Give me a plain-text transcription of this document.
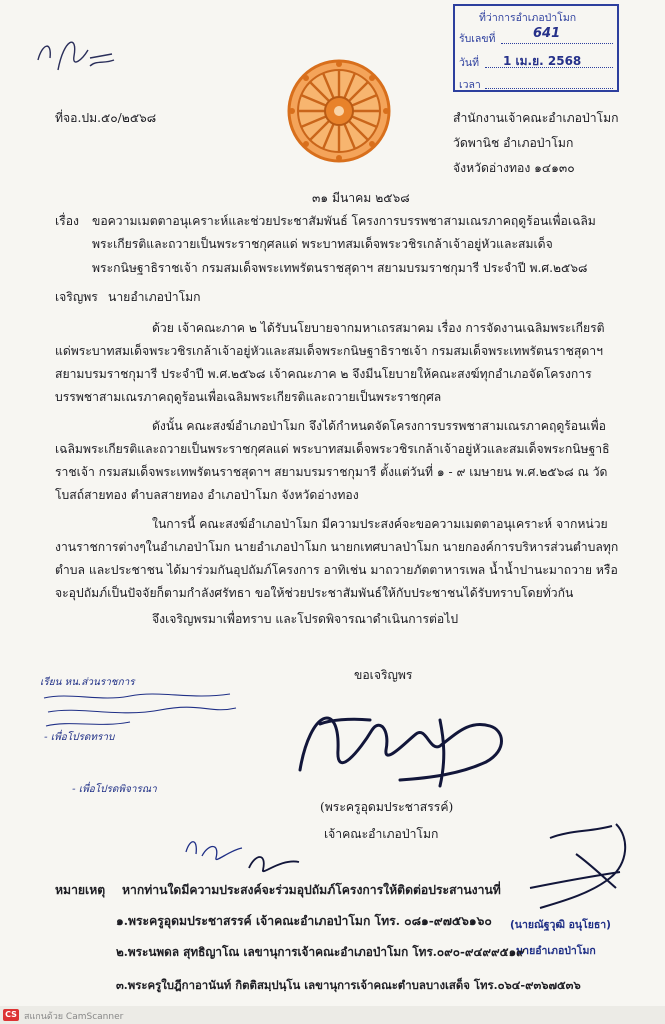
ที่ว่าการอำเภอป่าโมก
รับเลขที่	641
วันที่ 1 เม.ย. 2568
เวลา
ที่จอ.ปม.๕๐/๒๕๖๘	สำนักงานเจ้าคณะอำเภอป่าโมก
วัดพานิช อำเภอป่าโมก
จังหวัดอ่างทอง ๑๔๑๓๐
๓๑ มีนาคม ๒๕๖๘
เรื่อง ขอความเมตตาอนุเคราะห์และช่วยประชาสัมพันธ์ โครงการบรรพชาสามเณรภาคฤดูร้อนเพื่อเฉลิม
พระเกียรติและถวายเป็นพระราชกุศลแด่ พระบาทสมเด็จพระวชิรเกล้าเจ้าอยู่หัวและสมเด็จ
พระกนิษฐาธิราชเจ้า กรมสมเด็จพระเทพรัตนราชสุดาฯ สยามบรมราชกุมารี ประจำปี พ.ศ.๒๕๖๘
เจริญพร นายอำเภอป่าโมก
ด้วย เจ้าคณะภาค ๒ ได้รับนโยบายจากมหาเถรสมาคม เรื่อง การจัดงานเฉลิมพระเกียรติ
แด่พระบาทสมเด็จพระวชิรเกล้าเจ้าอยู่หัวและสมเด็จพระกนิษฐาธิราชเจ้า กรมสมเด็จพระเทพรัตนราชสุดาฯ
สยามบรมราชกุมารี ประจำปี พ.ศ.๒๕๖๘ เจ้าคณะภาค ๒ จึงมีนโยบายให้คณะสงฆ์ทุกอำเภอจัดโครงการ
บรรพชาสามเณรภาคฤดูร้อนเพื่อเฉลิมพระเกียรติและถวายเป็นพระราชกุศล
ดังนั้น คณะสงฆ์อำเภอป่าโมก จึงได้กำหนดจัดโครงการบรรพชาสามเณรภาคฤดูร้อนเพื่อ
เฉลิมพระเกียรติและถวายเป็นพระราชกุศลแด่ พระบาทสมเด็จพระวชิรเกล้าเจ้าอยู่หัวและสมเด็จพระกนิษฐาธิ
ราชเจ้า กรมสมเด็จพระเทพรัตนราชสุดาฯ สยามบรมราชกุมารี ตั้งแต่วันที่ ๑ - ๙ เมษายน พ.ศ.๒๕๖๘ ณ วัด
โบสถ์สายทอง ตำบลสายทอง อำเภอป่าโมก จังหวัดอ่างทอง
ในการนี้ คณะสงฆ์อำเภอป่าโมก มีความประสงค์จะขอความเมตตาอนุเคราะห์ จากหน่วย
งานราชการต่างๆในอำเภอป่าโมก นายอำเภอป่าโมก นายกเทศบาลป่าโมก นายกองค์การบริหารส่วนตำบลทุก
ตำบล และประชาชน ได้มาร่วมกันอุปถัมภ์โครงการ อาทิเช่น มาถวายภัตตาหารเพล น้ำน้ำปานะมาถวาย หรือ
จะอุปถัมภ์เป็นปัจจัยก็ตามกำลังศรัทธา ขอให้ช่วยประชาสัมพันธ์ให้กับประชาชนได้รับทราบโดยทั่วกัน
จึงเจริญพรมาเพื่อทราบ และโปรดพิจารณาดำเนินการต่อไป
เรียน หน.ส่วนราชการ
- เพื่อโปรดทราบ
- เพื่อโปรดพิจารณา
ขอเจริญพร
(พระครูอุดมประชาสรรค์)
เจ้าคณะอำเภอป่าโมก
(นายณัฐวุฒิ อนุโยธา)
นายอำเภอป่าโมก
หมายเหตุ หากท่านใดมีความประสงค์จะร่วมอุปถัมภ์โครงการให้ติดต่อประสานงานที่
๑.พระครูอุดมประชาสรรค์ เจ้าคณะอำเภอป่าโมก โทร. ๐๘๑-๙๗๕๖๑๖๐
๒.พระนพดล สุทธิญาโณ เลขานุการเจ้าคณะอำเภอป่าโมก โทร.๐๙๐-๙๔๙๙๕๑๙
๓.พระครูใบฎีกาอานันท์ กิตติสมฺปนฺโน เลขานุการเจ้าคณะตำบลบางเสด็จ โทร.๐๖๔-๙๓๖๗๕๓๖
CS สแกนด้วย CamScanner
